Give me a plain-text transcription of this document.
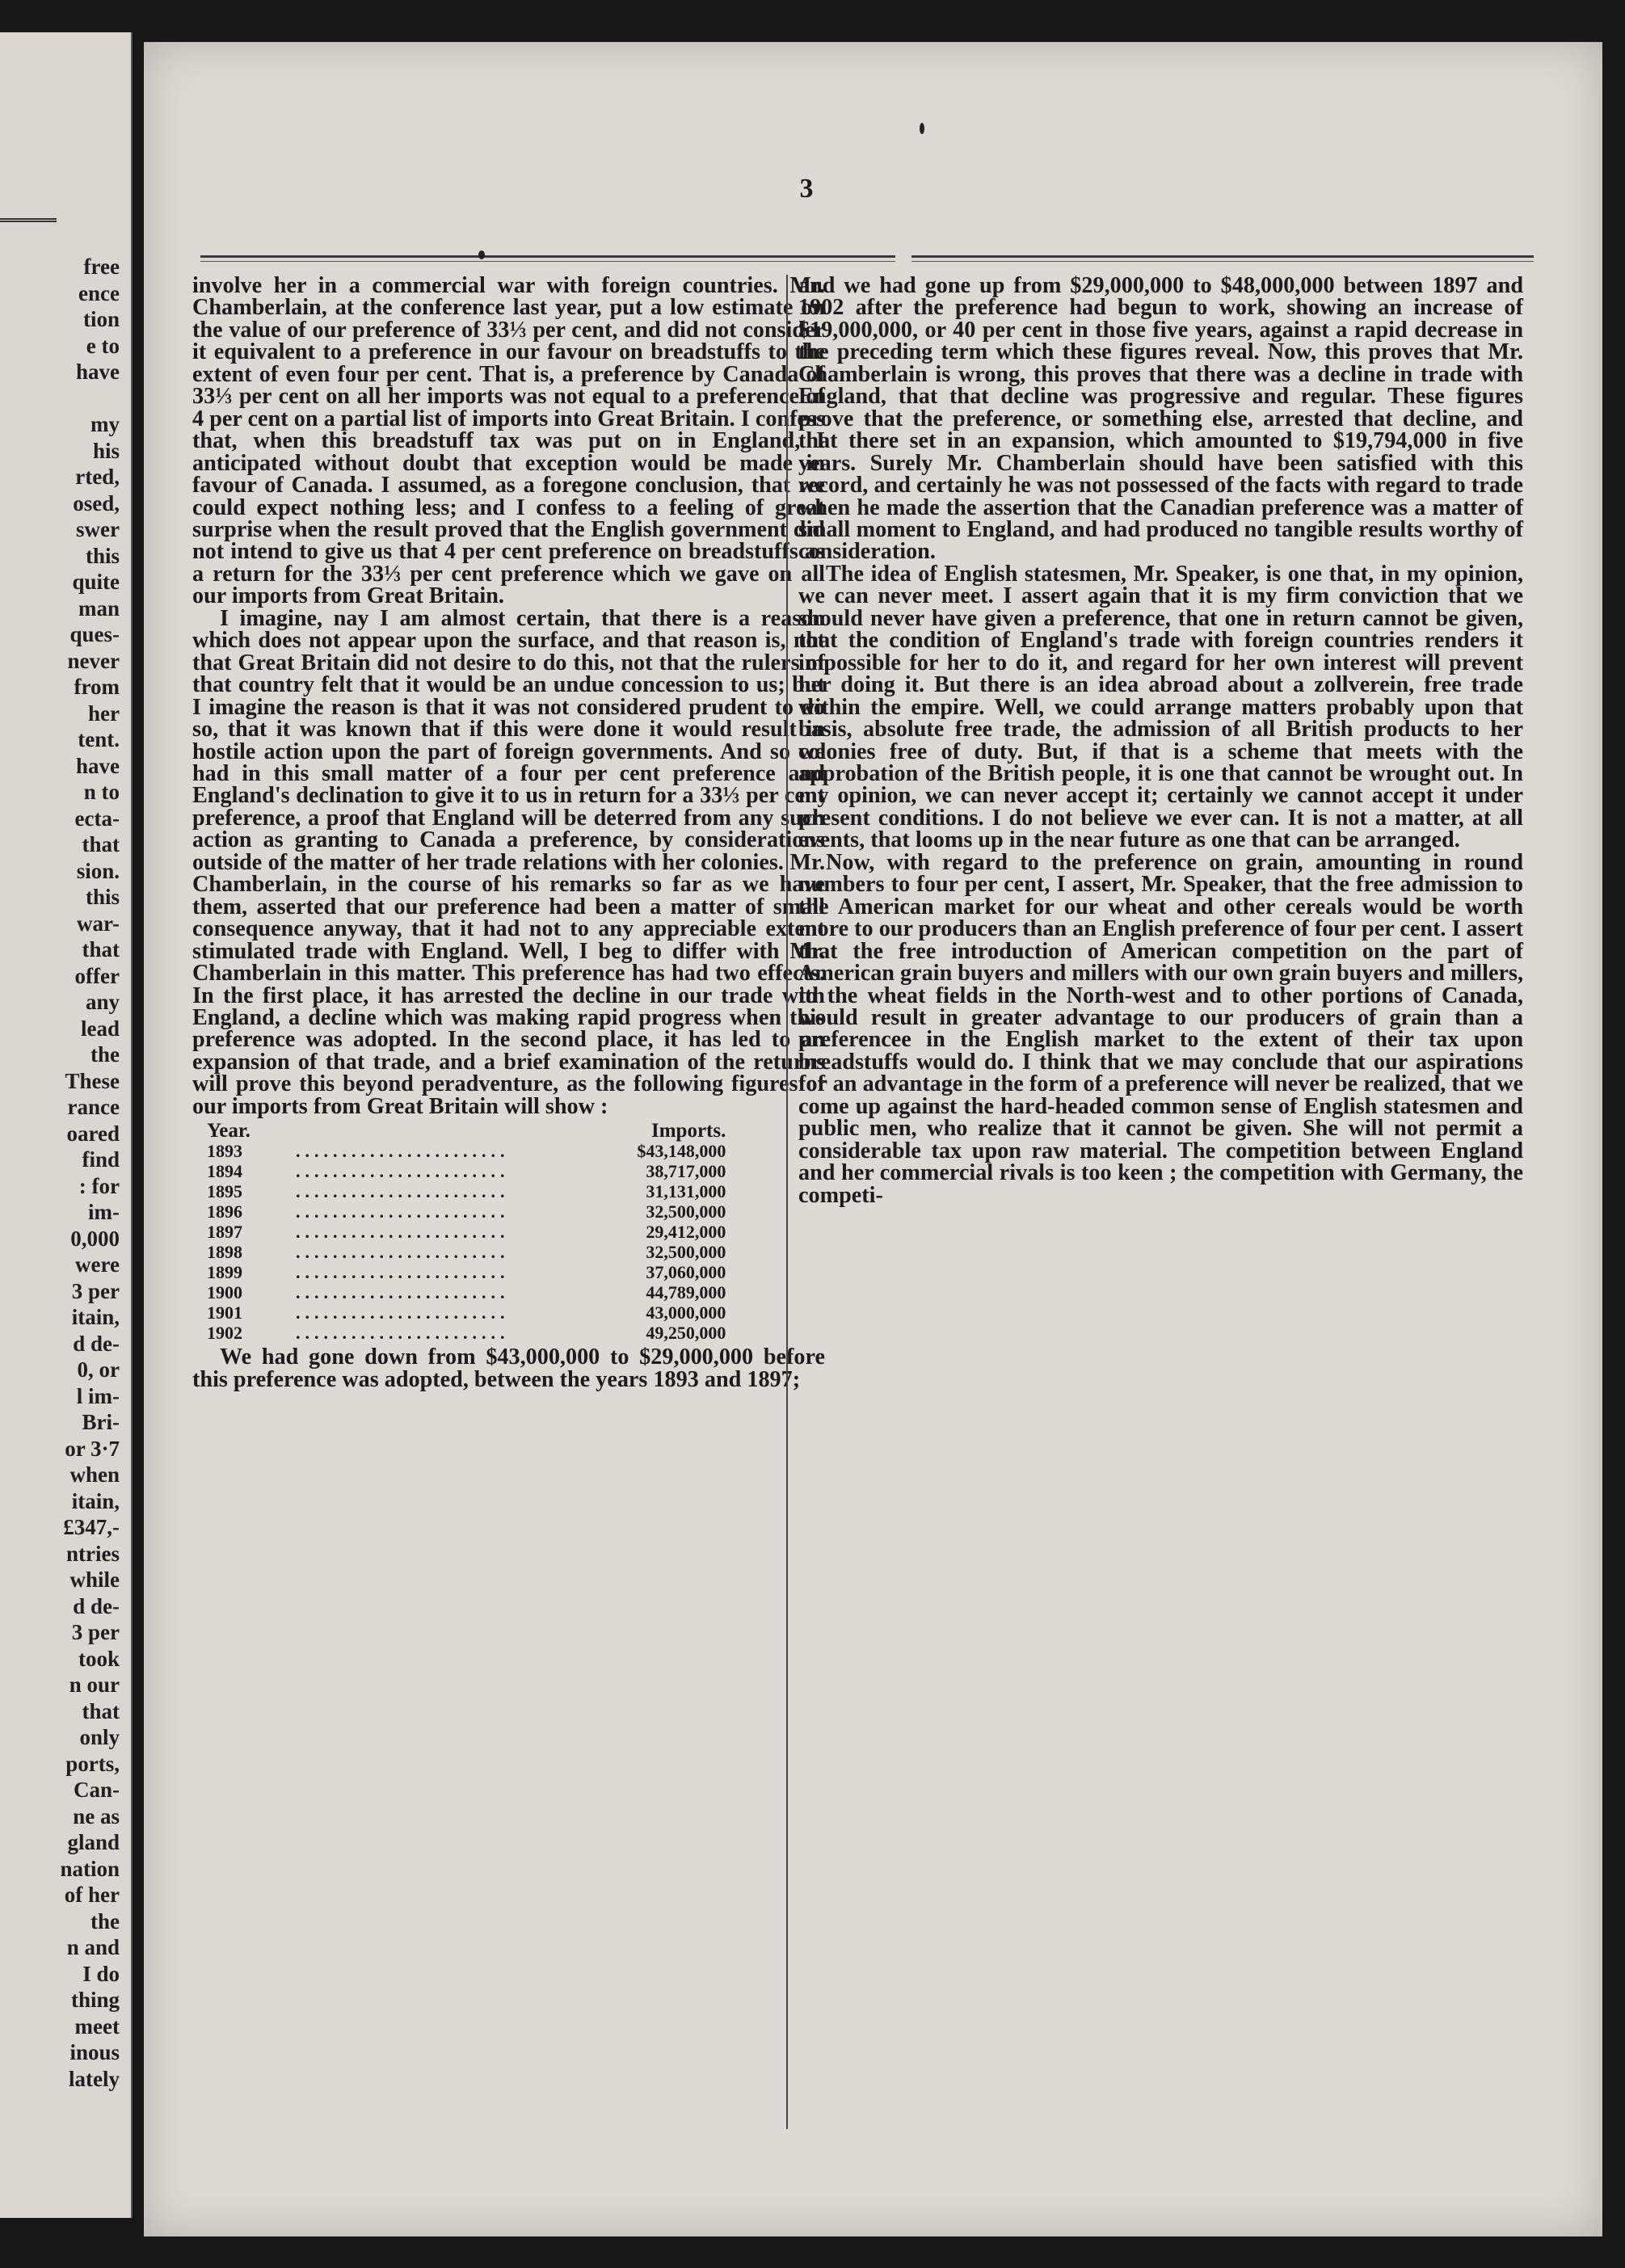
free
ence
tion
e to
have
my
his
rted,
osed,
swer
this
quite
man
ques-
never
from
her
tent.
have
n to
ecta-
that
sion.
this
war-
that
offer
any
lead
the
These
rance
oared
find
: for
im-
0,000
were
3 per
itain,
d de-
0, or
l im-
Bri-
or 3·7
when
itain,
£347,-
ntries
while
d de-
3 per
took
n our
that
only
ports,
Can-
ne as
gland
nation
of her
the
n and
I do
thing
meet
inous
lately
3

involve her in a commercial war with foreign countries. Mr. Chamberlain, at the conference last year, put a low estimate on the value of our preference of 33⅓ per cent, and did not consider it equivalent to a preference in our favour on breadstuffs to the extent of even four per cent. That is, a preference by Canada of 33⅓ per cent on all her imports was not equal to a preference of 4 per cent on a partial list of imports into Great Britain. I confess that, when this breadstuff tax was put on in England, I anticipated without doubt that exception would be made in favour of Canada. I assumed, as a foregone conclusion, that we could expect nothing less; and I confess to a feeling of great surprise when the result proved that the English government did not intend to give us that 4 per cent preference on breadstuffs as a return for the 33⅓ per cent preference which we gave on all our imports from Great Britain.

I imagine, nay I am almost certain, that there is a reason which does not appear upon the surface, and that reason is, not that Great Britain did not desire to do this, not that the rulers of that country felt that it would be an undue concession to us; but I imagine the reason is that it was not considered prudent to do so, that it was known that if this were done it would result in hostile action upon the part of foreign governments. And so we had in this small matter of a four per cent preference and England's declination to give it to us in return for a 33⅓ per cent preference, a proof that England will be deterred from any such action as granting to Canada a preference, by considerations outside of the matter of her trade relations with her colonies. Mr. Chamberlain, in the course of his remarks so far as we have them, asserted that our preference had been a matter of small consequence anyway, that it had not to any appreciable extent stimulated trade with England. Well, I beg to differ with Mr. Chamberlain in this matter. This preference has had two effects. In the first place, it has arrested the decline in our trade with England, a decline which was making rapid progress when this preference was adopted. In the second place, it has led to an expansion of that trade, and a brief examination of the returns will prove this beyond peradventure, as the following figures of our imports from Great Britain will show :

Year.		Imports.
1893	.......................	$43,148,000
1894	.......................	38,717,000
1895	.......................	31,131,000
1896	.......................	32,500,000
1897	.......................	29,412,000
1898	.......................	32,500,000
1899	.......................	37,060,000
1900	.......................	44,789,000
1901	.......................	43,000,000
1902	.......................	49,250,000

We had gone down from $43,000,000 to $29,000,000 before this preference was adopted, between the years 1893 and 1897;

and we had gone up from $29,000,000 to $48,000,000 between 1897 and 1902 after the preference had begun to work, showing an increase of $19,000,000, or 40 per cent in those five years, against a rapid decrease in the preceding term which these figures reveal. Now, this proves that Mr. Chamberlain is wrong, this proves that there was a decline in trade with England, that that decline was progressive and regular. These figures prove that the preference, or something else, arrested that decline, and that there set in an expansion, which amounted to $19,794,000 in five years. Surely Mr. Chamberlain should have been satisfied with this record, and certainly he was not possessed of the facts with regard to trade when he made the assertion that the Canadian preference was a matter of small moment to England, and had produced no tangible results worthy of consideration.

The idea of English statesmen, Mr. Speaker, is one that, in my opinion, we can never meet. I assert again that it is my firm conviction that we should never have given a preference, that one in return cannot be given, that the condition of England's trade with foreign countries renders it impossible for her to do it, and regard for her own interest will prevent her doing it. But there is an idea abroad about a zollverein, free trade within the empire. Well, we could arrange matters probably upon that basis, absolute free trade, the admission of all British products to her colonies free of duty. But, if that is a scheme that meets with the approbation of the British people, it is one that cannot be wrought out. In my opinion, we can never accept it; certainly we cannot accept it under present conditions. I do not believe we ever can. It is not a matter, at all events, that looms up in the near future as one that can be arranged.

Now, with regard to the preference on grain, amounting in round numbers to four per cent, I assert, Mr. Speaker, that the free admission to the American market for our wheat and other cereals would be worth more to our producers than an English preference of four per cent. I assert that the free introduction of American competition on the part of American grain buyers and millers with our own grain buyers and millers, to the wheat fields in the North-west and to other portions of Canada, would result in greater advantage to our producers of grain than a preferencee in the English market to the extent of their tax upon breadstuffs would do. I think that we may conclude that our aspirations for an advantage in the form of a preference will never be realized, that we come up against the hard-headed common sense of English statesmen and public men, who realize that it cannot be given. She will not permit a considerable tax upon raw material. The competition between England and her commercial rivals is too keen ; the competition with Germany, the competi-
